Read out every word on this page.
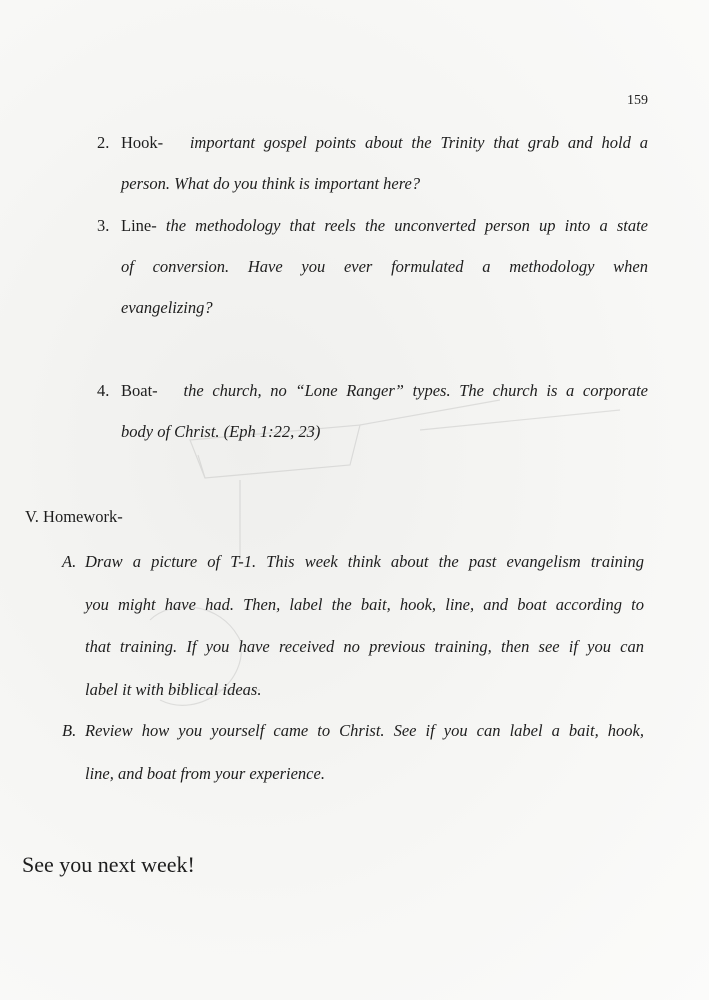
159
2. Hook- important gospel points about the Trinity that grab and hold a

person. What do you think is important here?

3. Line- the methodology that reels the unconverted person up into a state

of conversion. Have you ever formulated a methodology when

evangelizing?

4. Boat- the church, no “Lone Ranger” types. The church is a corporate

body of Christ. (Eph 1:22, 23)

V. Homework-
A. Draw a picture of T-1. This week think about the past evangelism training

you might have had. Then, label the bait, hook, line, and boat according to

that training. If you have received no previous training, then see if you can

label it with biblical ideas.

B. Review how you yourself came to Christ. See if you can label a bait, hook,

line, and boat from your experience.

See you next week!
